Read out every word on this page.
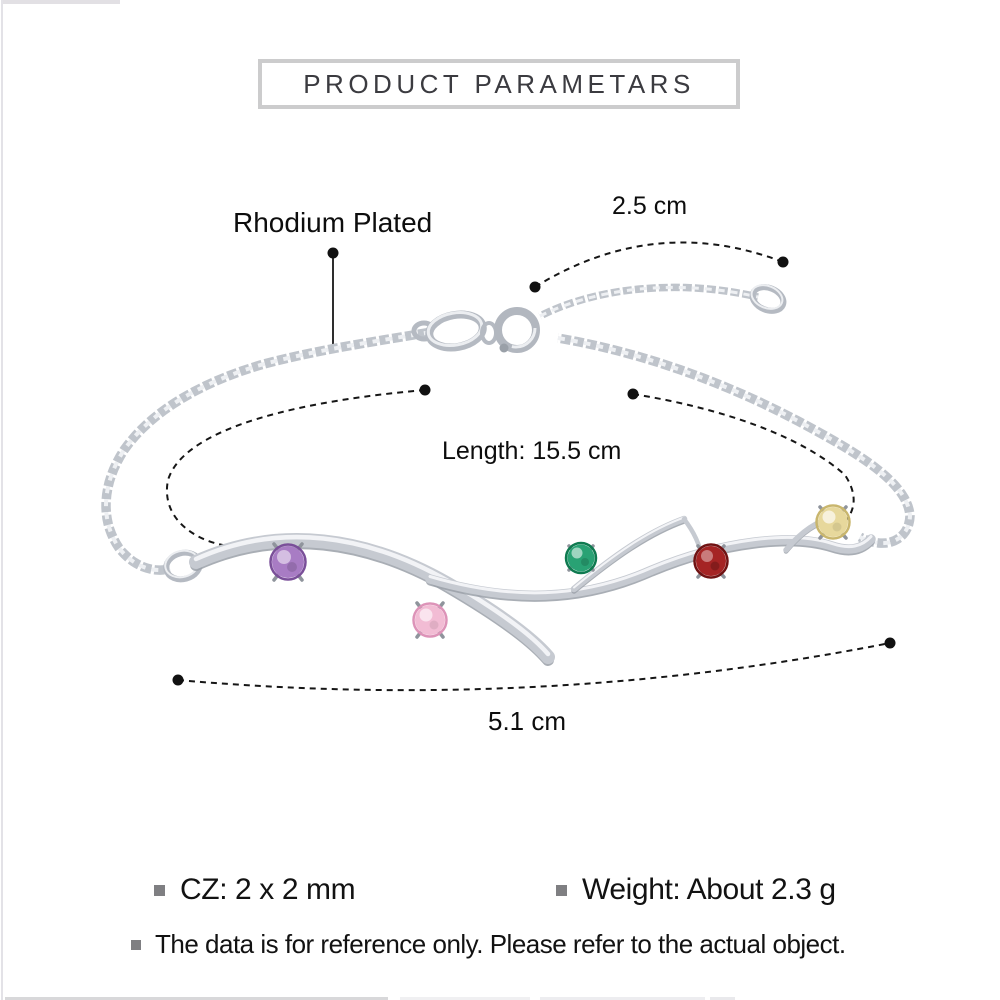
PRODUCT PARAMETARS
Rhodium Plated
2.5 cm
Length: 15.5 cm
5.1 cm
CZ: 2 x 2 mm	Weight: About 2.3 g
The data is for reference only. Please refer to the actual object.
